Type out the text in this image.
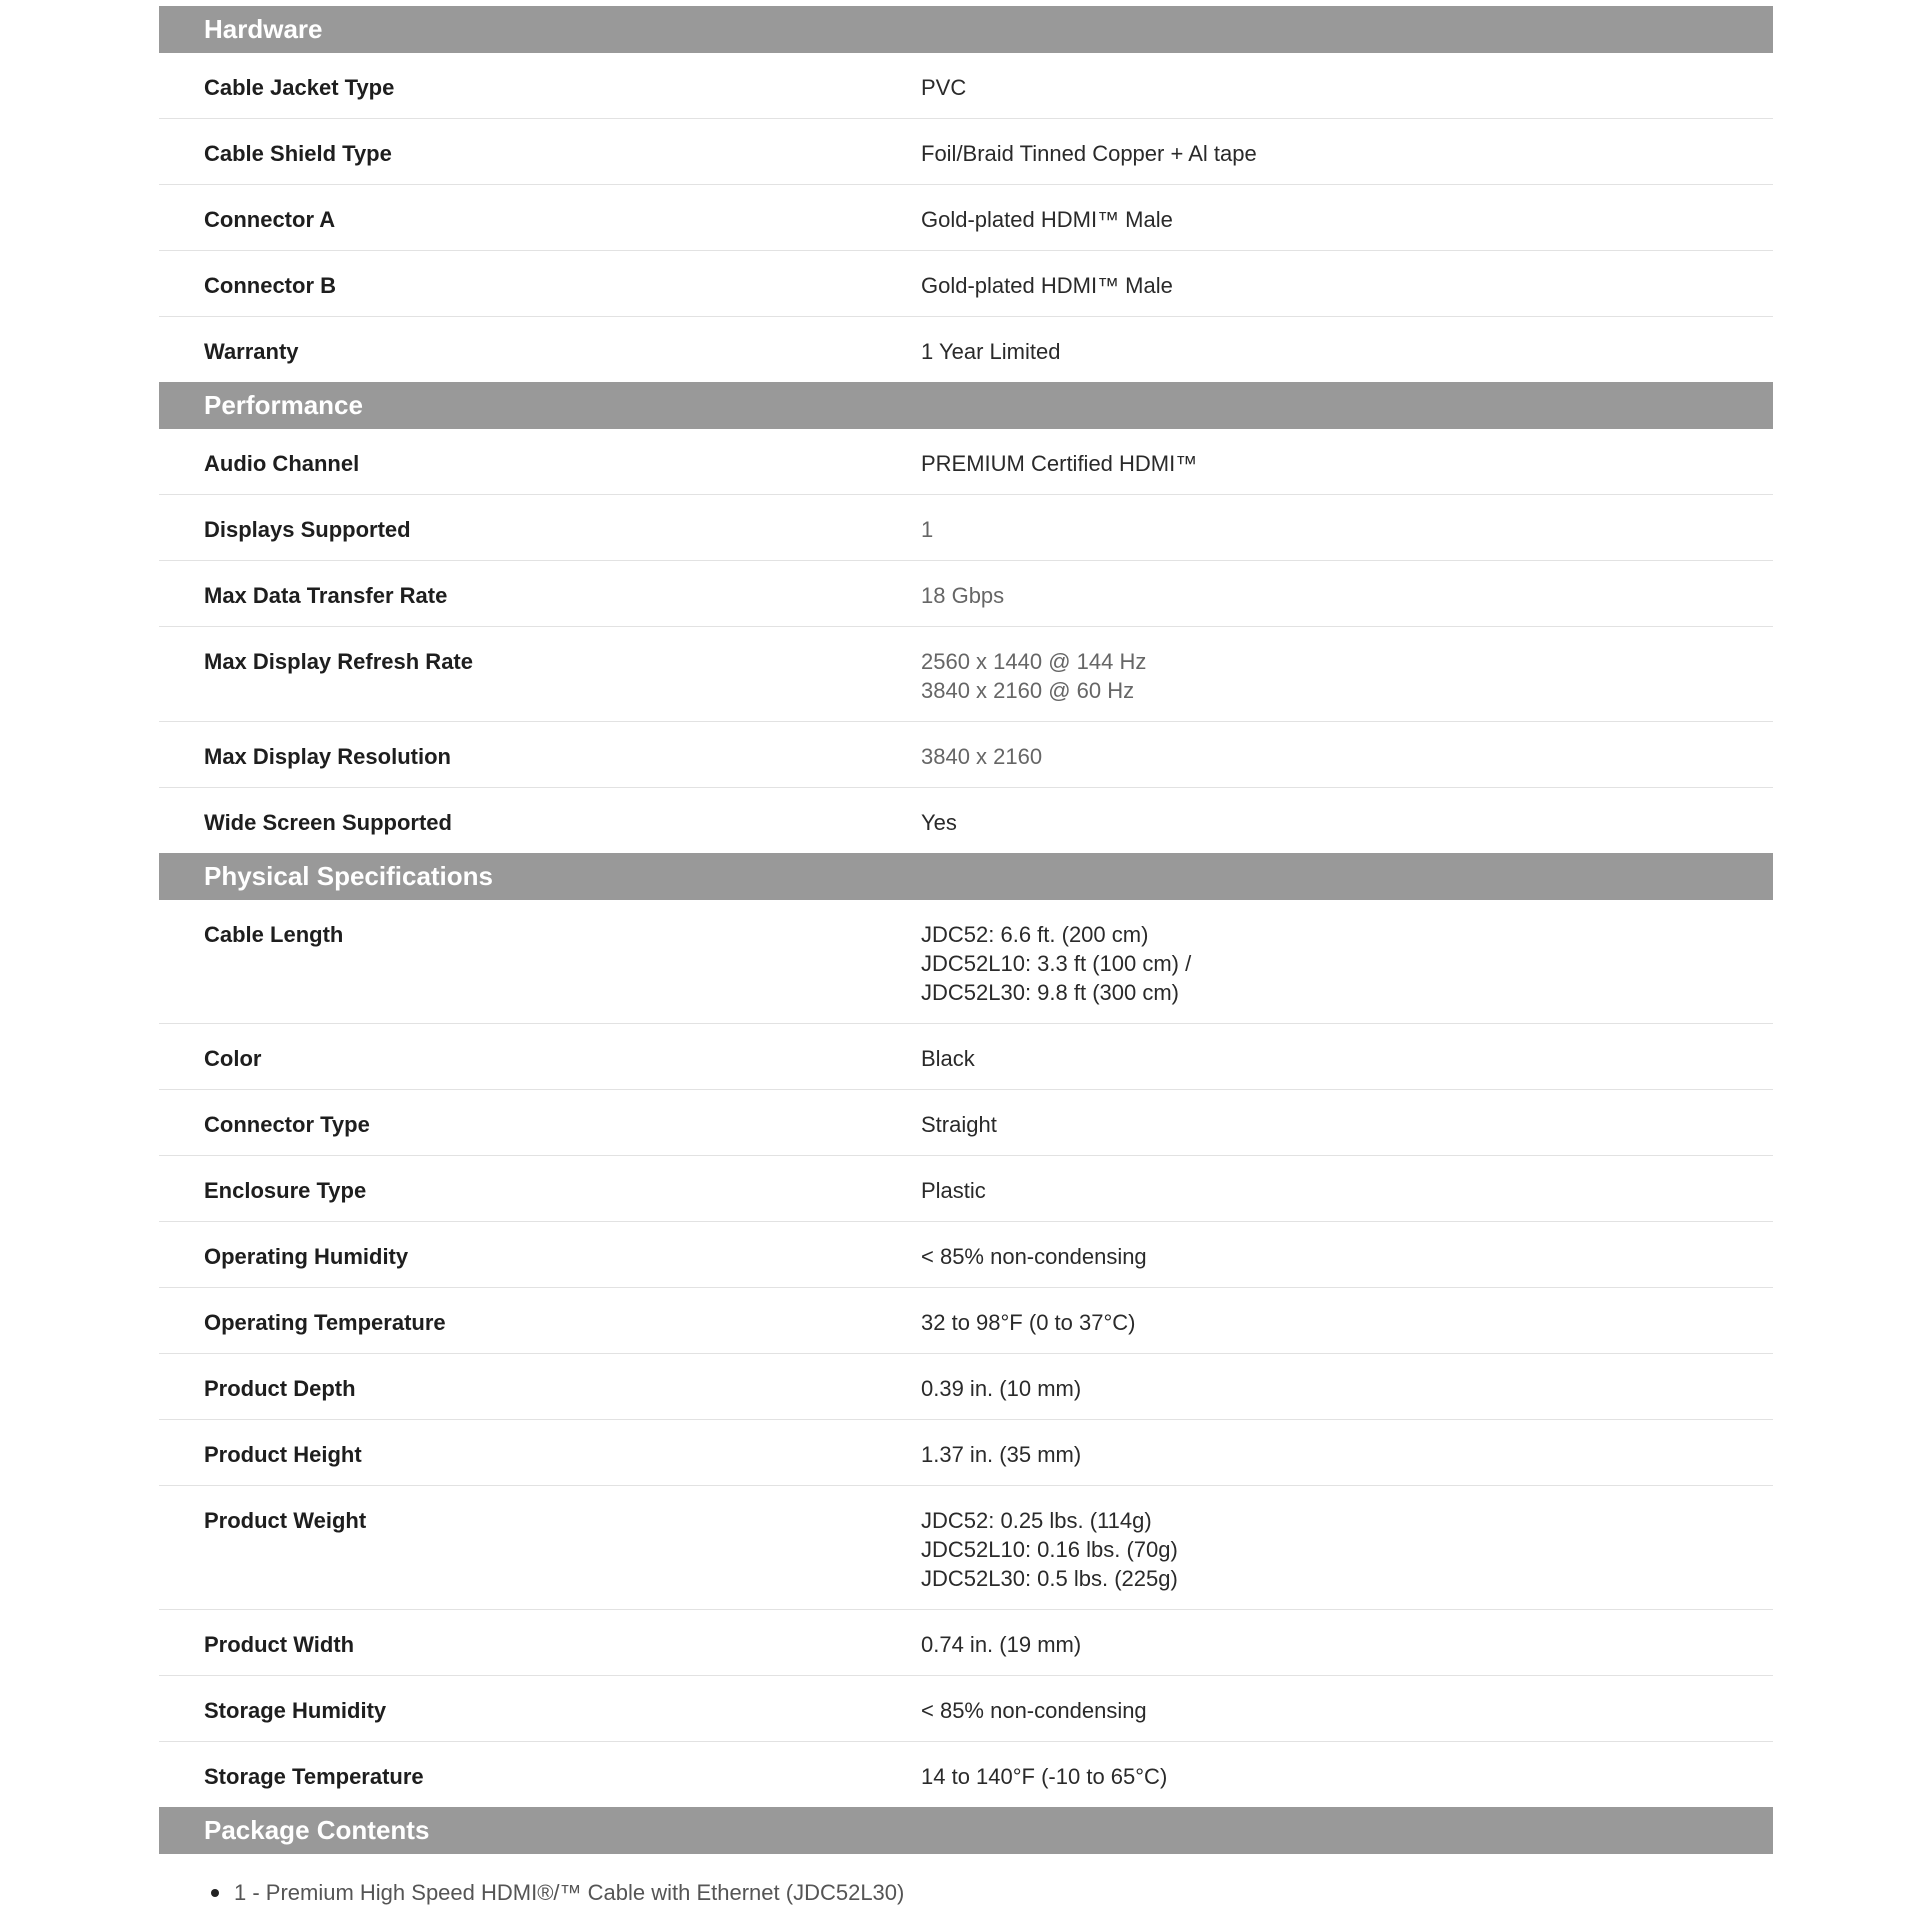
Hardware
Cable Jacket Type	PVC
Cable Shield Type	Foil/Braid Tinned Copper + Al tape
Connector A	Gold-plated HDMI™ Male
Connector B	Gold-plated HDMI™ Male
Warranty	1 Year Limited
Performance
Audio Channel	PREMIUM Certified HDMI™
Displays Supported	1
Max Data Transfer Rate	18 Gbps
Max Display Refresh Rate	2560 x 1440 @ 144 Hz
3840 x 2160 @ 60 Hz
Max Display Resolution	3840 x 2160
Wide Screen Supported	Yes
Physical Specifications
Cable Length	JDC52: 6.6 ft. (200 cm)
JDC52L10: 3.3 ft (100 cm) /
JDC52L30: 9.8 ft (300 cm)
Color	Black
Connector Type	Straight
Enclosure Type	Plastic
Operating Humidity	< 85% non-condensing
Operating Temperature	32 to 98°F (0 to 37°C)
Product Depth	0.39 in. (10 mm)
Product Height	1.37 in. (35 mm)
Product Weight	JDC52: 0.25 lbs. (114g)
JDC52L10: 0.16 lbs. (70g)
JDC52L30: 0.5 lbs. (225g)
Product Width	0.74 in. (19 mm)
Storage Humidity	< 85% non-condensing
Storage Temperature	14 to 140°F (-10 to 65°C)
Package Contents
1 - Premium High Speed HDMI®/™ Cable with Ethernet (JDC52L30)
